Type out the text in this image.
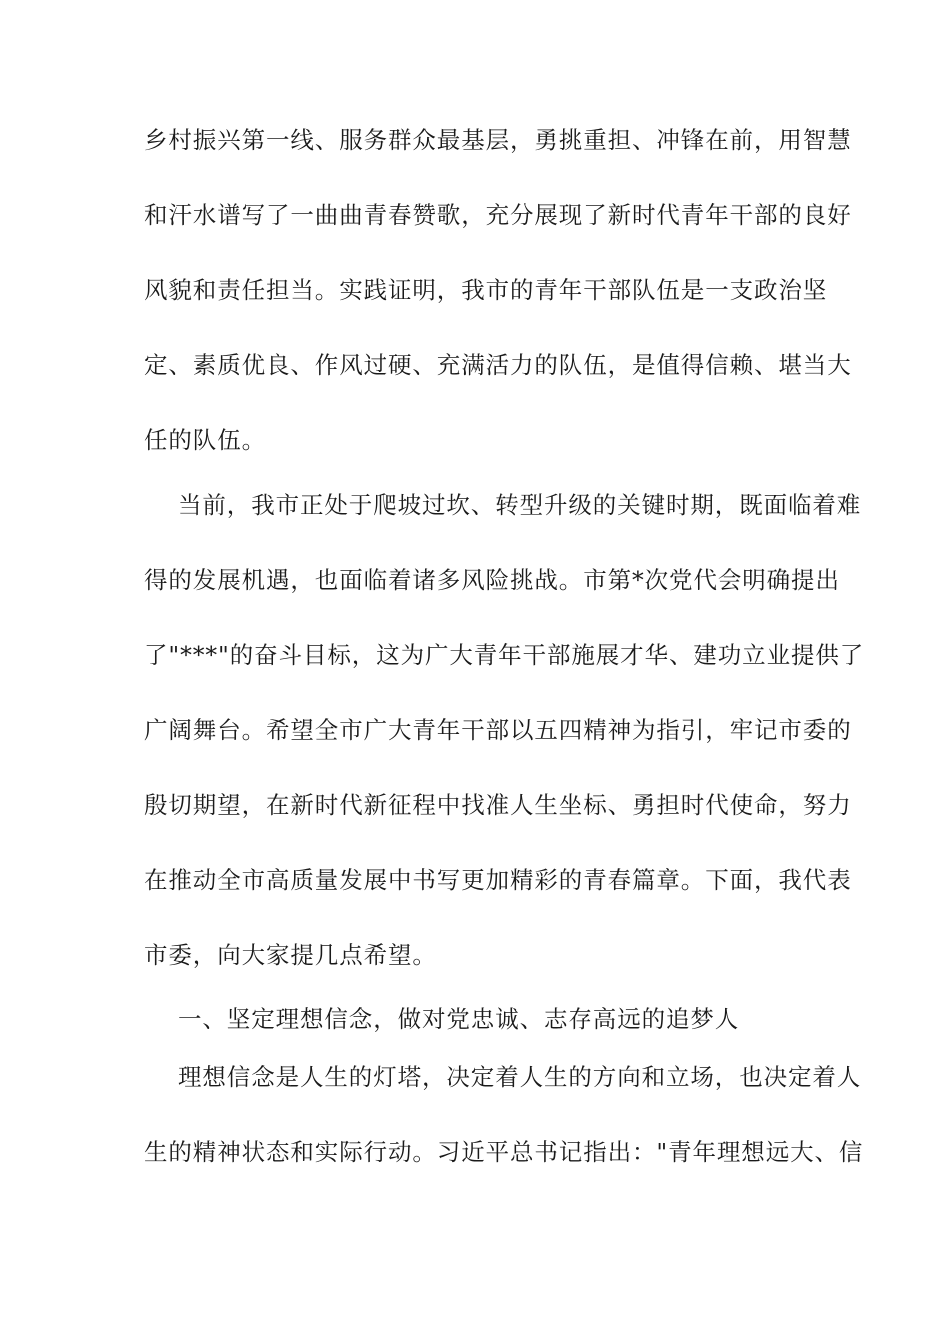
乡村振兴第一线、服务群众最基层，勇挑重担、冲锋在前，用智慧
和汗水谱写了一曲曲青春赞歌，充分展现了新时代青年干部的良好
风貌和责任担当。实践证明，我市的青年干部队伍是一支政治坚
定、素质优良、作风过硬、充满活力的队伍，是值得信赖、堪当大
任的队伍。
当前，我市正处于爬坡过坎、转型升级的关键时期，既面临着难
得的发展机遇，也面临着诸多风险挑战。市第*次党代会明确提出
了"***"的奋斗目标，这为广大青年干部施展才华、建功立业提供了
广阔舞台。希望全市广大青年干部以五四精神为指引，牢记市委的
殷切期望，在新时代新征程中找准人生坐标、勇担时代使命，努力
在推动全市高质量发展中书写更加精彩的青春篇章。下面，我代表
市委，向大家提几点希望。
一、坚定理想信念，做对党忠诚、志存高远的追梦人
理想信念是人生的灯塔，决定着人生的方向和立场，也决定着人
生的精神状态和实际行动。习近平总书记指出："青年理想远大、信
